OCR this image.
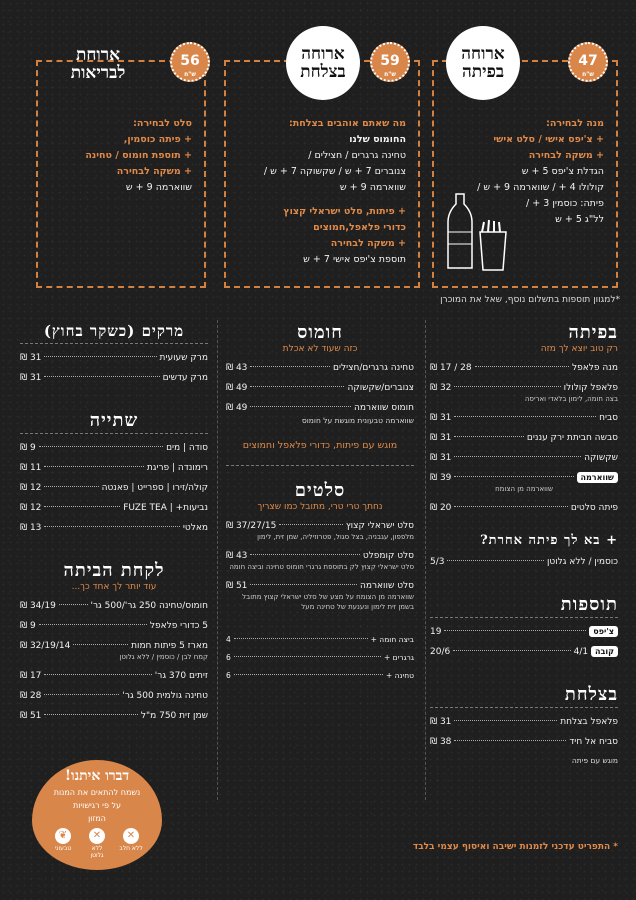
ארוחה
בפיתה
47
ש"ח
מנה לבחירה:
+ צ'יפס אישי / סלט אישי
+ משקה לבחירה
הגדלת צ'יפס 5 + ש
קולולו 4 + / שווארמה 9 + ש /
פיתה: כוסמין 3 + /
לל"ג 5 + ש
ארוחה
בצלחת
59
ש"ח
מה שאתם אוהבים בצלחת:
החומוס שלנו
טחינה גרגרים / חצילים /
צנוברים 7 + ש / שקשוקה 7 + ש /
שווארמה 9 + ש
+ פיתות, סלט ישראלי קצוץ
כדורי פלאפל,חמוצים
+ משקה לבחירה
תוספת צ'יפס אישי 7 + ש
ארוחת
לבריאות
56
ש"ח
סלט לבחירה:
+ פיתה כוסמין,
+ תוספת חומוס / טחינה
+ משקה לבחירה
שווארמה 9 + ש
*למגוון תוספות בתשלום נוסף, שאל את המוכרן
בפיתה
רק טוב יוצא לך מזה
מנה פלאפל
28 / 17

₪
פלאפל קולולו
32

₪
בצה חומה, לימון בלאדי ואריסה
סביח
31

₪
סבשה חביתת ירק עננים
31

₪
שקשוקה
31

₪
שווארמה
39

₪
שווארמה מן הצומח
פיתה סלטים
20

₪
+ בא לך פיתה אחרת?
כוסמין / ללא גלוטן
5/3
תוספות
צ'יפס
19
קובה

4/1
20/6
בצלחת
פלאפל בצלחת
31

₪
סביח אל חיד
38

₪
מוגש עם פיתה
חומוס
כזה שעוד לא אכלת
טחינה גרגרים/חצילים
43

₪
צנוברים/שקשוקה
49

₪
חומוס שווארמה
49

₪
שווארמה טבעונית מוגשת על חומוס
מוגש עם פיתות, כדורי פלאפל וחמוצים
סלטים
נחתך טרי טרי, מתובל כמו שצריך
סלט ישראלי קצוץ
37/27/15

₪
מלפפון, עגבניה, בצל סגול, פטרוזיליה, שמן זית, לימון
סלט קומפלט
43

₪
סלט ישראלי קצוץ לק בתוספת גרגרי חומוס טחינה וביצה חומה
סלט שווארמה
51

₪
שווארמה מן הצומח על מצע של סלט ישראלי קצוץ מתובל בשמן זית לימון ונענעת של טחינה מעל
ביצה חומה +
4
גרגרים +
6
טחינה +
6
מרקים (כשקר בחוץ)
מרק שעועית
31

₪
מרק עדשים
31

₪
שתייה
סודה | מים
9

₪
רימונדה | פריגת
11

₪
קולה/זירו | ספרייט | פאנטה
12

₪
נביעות+ | FUZE TEA
12

₪
מאלטי
13

₪
לקחת הביתה
עוד יותר לך אחד כך...
חומוס/טחינה 250 גר'/500 גר'
34/19

₪
5 כדורי פלאפל
9

₪
מארז 5 פיתות חמות
32/19/14

₪
קמח לבן / כוסמין / ללא גלוטן
זיתים 370 גר'
17

₪
טחינה גולמית 500 גר'
28

₪
שמן זית 750 מ"ל
51

₪
דברו איתנו!
נשמח להתאים את המנות
על פי רגישויות
המזון
✕
ללא חלב
✕
ללא גלוטן
❦
טבעוני	* התפריט עדכני לזמנות ישיבה ואיסוף עצמי בלבד
